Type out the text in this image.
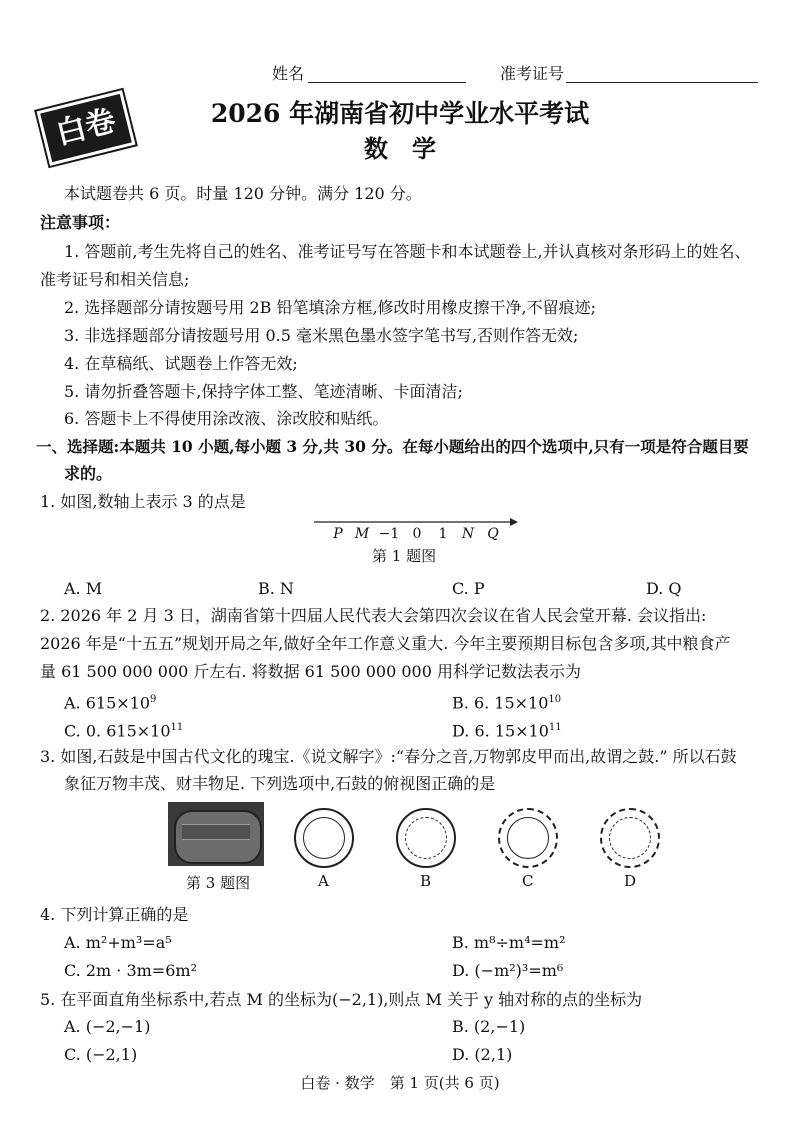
姓名	准考证号
白卷	2026 年湖南省初中学业水平考试
数　学
本试题卷共 6 页。时量 120 分钟。满分 120 分。
注意事项：
1. 答题前,考生先将自己的姓名、准考证号写在答题卡和本试题卷上,并认真核对条形码上的姓名、
准考证号和相关信息;
2. 选择题部分请按题号用 2B 铅笔填涂方框,修改时用橡皮擦干净,不留痕迹;
3. 非选择题部分请按题号用 0.5 毫米黑色墨水签字笔书写,否则作答无效;
4. 在草稿纸、试题卷上作答无效;
5. 请勿折叠答题卡,保持字体工整、笔迹清晰、卡面清洁;
6. 答题卡上不得使用涂改液、涂改胶和贴纸。
一、选择题:本题共 10 小题,每小题 3 分,共 30 分。在每小题给出的四个选项中,只有一项是符合题目要
求的。
1. 如图,数轴上表示 3 的点是
P M −1 0 1 N Q
第 1 题图
A. M	B. N	C. P	D. Q
2. 2026 年 2 月 3 日，湖南省第十四届人民代表大会第四次会议在省人民会堂开幕. 会议指出:
2026 年是“十五五”规划开局之年,做好全年工作意义重大. 今年主要预期目标包含多项,其中粮食产
量 61 500 000 000 斤左右. 将数据 61 500 000 000 用科学记数法表示为
A. $615\times 10^9$	B. 6. $15\times 10^{10}$
C. 0. $615\times 10^{11}$	D. 6. $15\times 10^{11}$
3. 如图,石鼓是中国古代文化的瑰宝.《说文解字》:“春分之音,万物郭皮甲而出,故谓之鼓.” 所以石鼓
象征万物丰茂、财丰物足. 下列选项中,石鼓的俯视图正确的是
第 3 题图	A	B	C	D
4. 下列计算正确的是
A. m²+m³=a⁵	B. m⁸÷m⁴=m²
C. 2m · 3m=6m²	D. (−m²)³=m⁶
5. 在平面直角坐标系中,若点 M 的坐标为(−2,1),则点 M 关于 y 轴对称的点的坐标为
A. (−2,−1)	B. (2,−1)
C. (−2,1)	D. (2,1)
白卷 · 数学　第 1 页(共 6 页)
